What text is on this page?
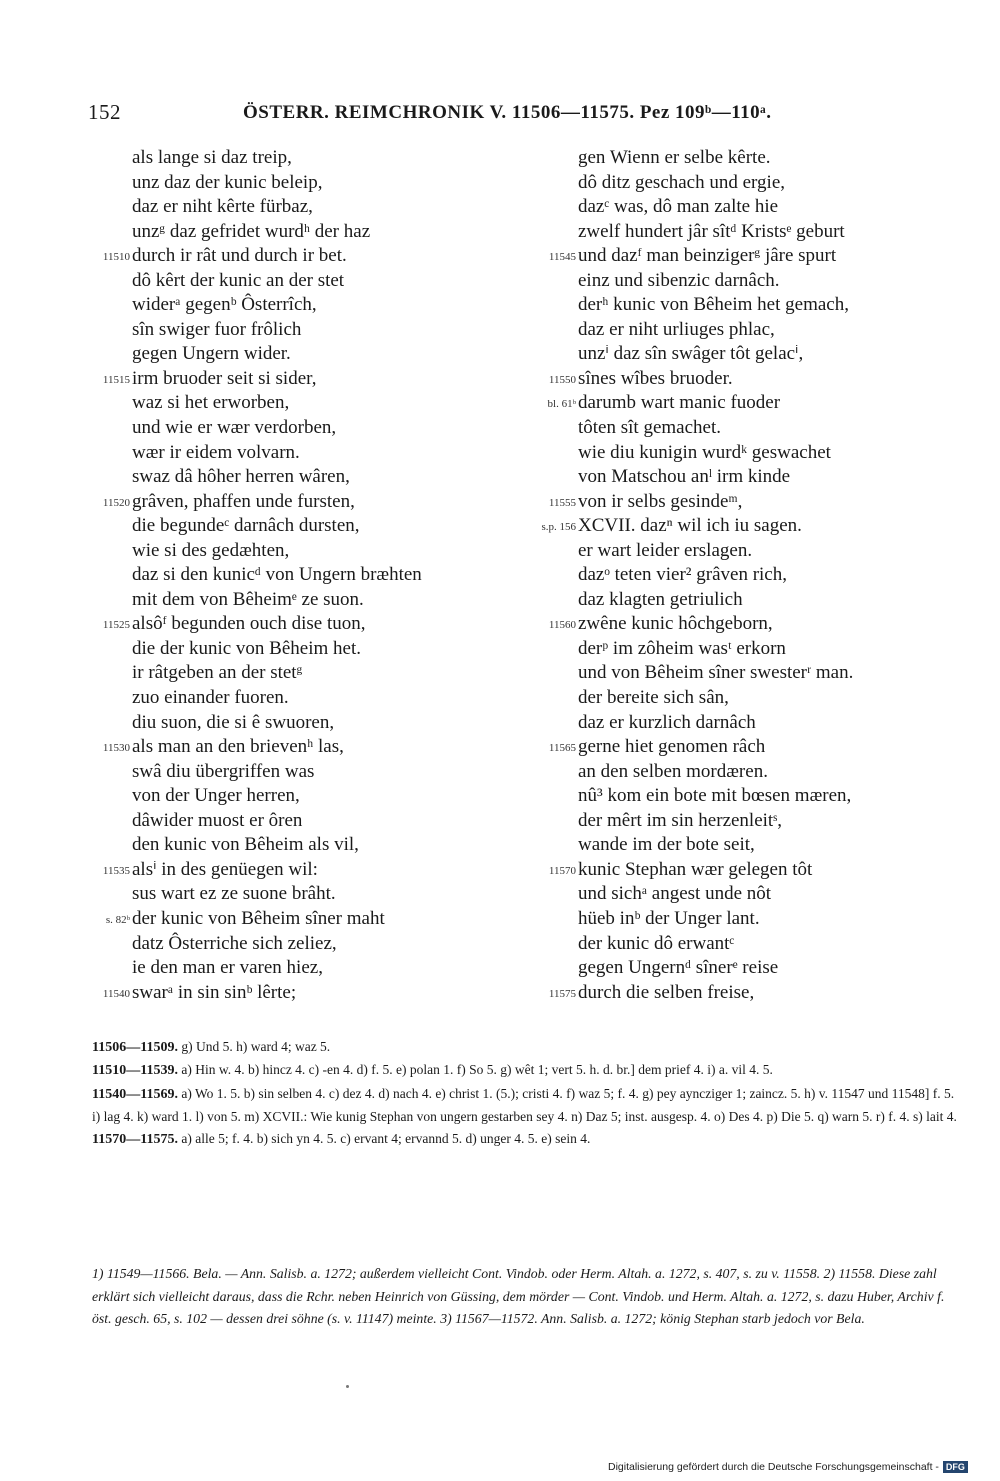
152	ÖSTERR. REIMCHRONIK V. 11506—11575. Pez 109ᵇ—110ᵃ.
als lange si daz treip,
unz daz der kunic beleip,
daz er niht kêrte fürbaz,
unzᵍ daz gefridet wurdʰ der haz
11510 durch ir rât und durch ir bet.
dô kêrt der kunic an der stet
widerᵃ gegenᵇ Ôsterrîch,
sîn swiger fuor frôlich
gegen Ungern wider.
11515 irm bruoder seit si sider,
waz si het erworben,
und wie er wær verdorben,
wær ir eidem volvarn.
swaz dâ hôher herren wâren,
11520 grâven, phaffen unde fursten,
die begundeᶜ darnâch dursten,
wie si des gedæhten,
daz si den kunicᵈ von Ungern bræhten
mit dem von Bêheimᵉ ze suon.
11525 alsôᶠ begunden ouch dise tuon,
die der kunic von Bêheim het.
ir râtgeben an der stetᵍ
zuo einander fuoren.
diu suon, die si ê swuoren,
11530 als man an den brievenʰ las,
swâ diu übergriffen was
von der Unger herren,
dâwider muost er ôren
den kunic von Bêheim als vil,
11535 alsⁱ in des genüegen wil:
sus wart ez ze suone brâht.
s. 82ᵇ der kunic von Bêheim sîner maht
datz Ôsterriche sich zeliez,
ie den man er varen hiez,
11540 swarᵃ in sin sinᵇ lêrte;
gen Wienn er selbe kêrte.
dô ditz geschach und ergie,
dazᶜ was, dô man zalte hie
zwelf hundert jâr sîtᵈ Kristsᵉ geburt
11545 und dazᶠ man beinzigerᵍ jâre spurt
einz und sibenzic darnâch.
derʰ kunic von Bêheim het gemach,
daz er niht urliuges phlac,
unzⁱ daz sîn swâger tôt gelacⁱ,
11550 sînes wîbes bruoder.
bl. 61ᵇ darumb wart manic fuoder
tôten sît gemachet.
wie diu kunigin wurdᵏ geswachet
von Matschou anˡ irm kinde
11555 von ir selbs gesindeᵐ,
s.p. 156 XCVII. dazⁿ wil ich iu sagen.
er wart leider erslagen.
dazᵒ teten vier² grâven rich,
daz klagten getriulich
11560 zwêne kunic hôchgeborn,
derᵖ im zôheim wasᵗ erkorn
und von Bêheim sîner swesterʳ man.
der bereite sich sân,
daz er kurzlich darnâch
11565 gerne hiet genomen râch
an den selben mordæren.
nû³ kom ein bote mit bœsen mæren,
der mêrt im sin herzenleitˢ,
wande im der bote seit,
11570 kunic Stephan wær gelegen tôt
und sichᵃ angest unde nôt
hüeb inᵇ der Unger lant.
der kunic dô erwantᶜ
gegen Ungernᵈ sînerᵉ reise
11575 durch die selben freise,
11506—11509. g) Und 5. h) ward 4; waz 5.
11510—11539. a) Hin w. 4. b) hincz 4. c) -en 4. d) f. 5. e) polan 1. f) So 5. g) wêt 1; vert 5. h. d. br.] dem prief 4. i) a. vil 4. 5.
11540—11569. a) Wo 1. 5. b) sin selben 4. c) dez 4. d) nach 4. e) christ 1. (5.); cristi 4. f) waz 5; f. 4. g) pey ayncziger 1; zaincz. 5. h) v. 11547 und 11548] f. 5. i) lag 4. k) ward 1. l) von 5. m) XCVII.: Wie kunig Stephan von ungern gestarben sey 4. n) Daz 5; inst. ausgesp. 4. o) Des 4. p) Die 5. q) warn 5. r) f. 4. s) lait 4.
11570—11575. a) alle 5; f. 4. b) sich yn 4. 5. c) ervant 4; ervannd 5. d) unger 4. 5. e) sein 4.
1) 11549—11566. Bela. — Ann. Salisb. a. 1272; außerdem vielleicht Cont. Vindob. oder Herm. Altah. a. 1272, s. 407, s. zu v. 11558. 2) 11558. Diese zahl erklärt sich vielleicht daraus, dass die Rchr. neben Heinrich von Güssing, dem mörder — Cont. Vindob. und Herm. Altah. a. 1272, s. dazu Huber, Archiv f. öst. gesch. 65, s. 102 — dessen drei söhne (s. v. 11147) meinte. 3) 11567—11572. Ann. Salisb. a. 1272; könig Stephan starb jedoch vor Bela.
Digitalisierung gefördert durch die Deutsche Forschungsgemeinschaft - DFG
